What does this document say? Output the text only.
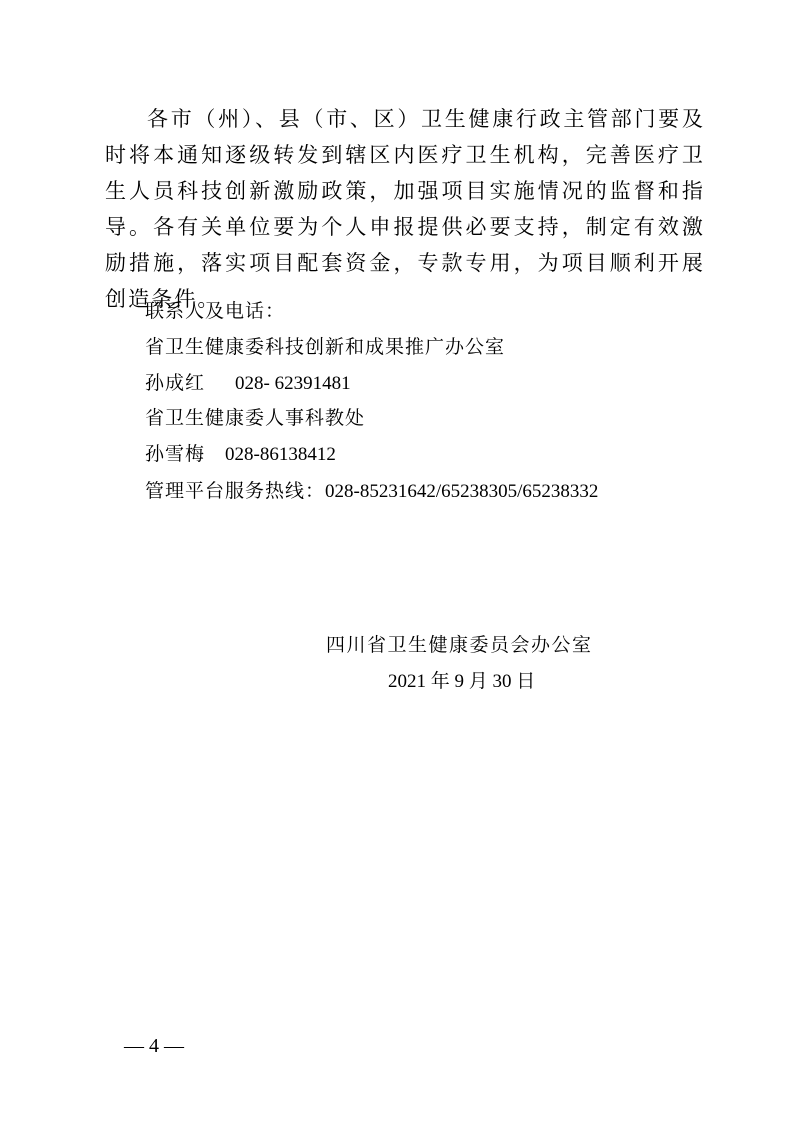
各市（州）、县（市、区）卫生健康行政主管部门要及时将本通知逐级转发到辖区内医疗卫生机构，完善医疗卫生人员科技创新激励政策，加强项目实施情况的监督和指导。各有关单位要为个人申报提供必要支持，制定有效激励措施，落实项目配套资金，专款专用，为项目顺利开展创造条件。

联系人及电话：

省卫生健康委科技创新和成果推广办公室

孙成红 028- 62391481

省卫生健康委人事科教处

孙雪梅 028-86138412

管理平台服务热线：028-85231642/65238305/65238332

四川省卫生健康委员会办公室
2021 年 9 月 30 日
— 4 —
